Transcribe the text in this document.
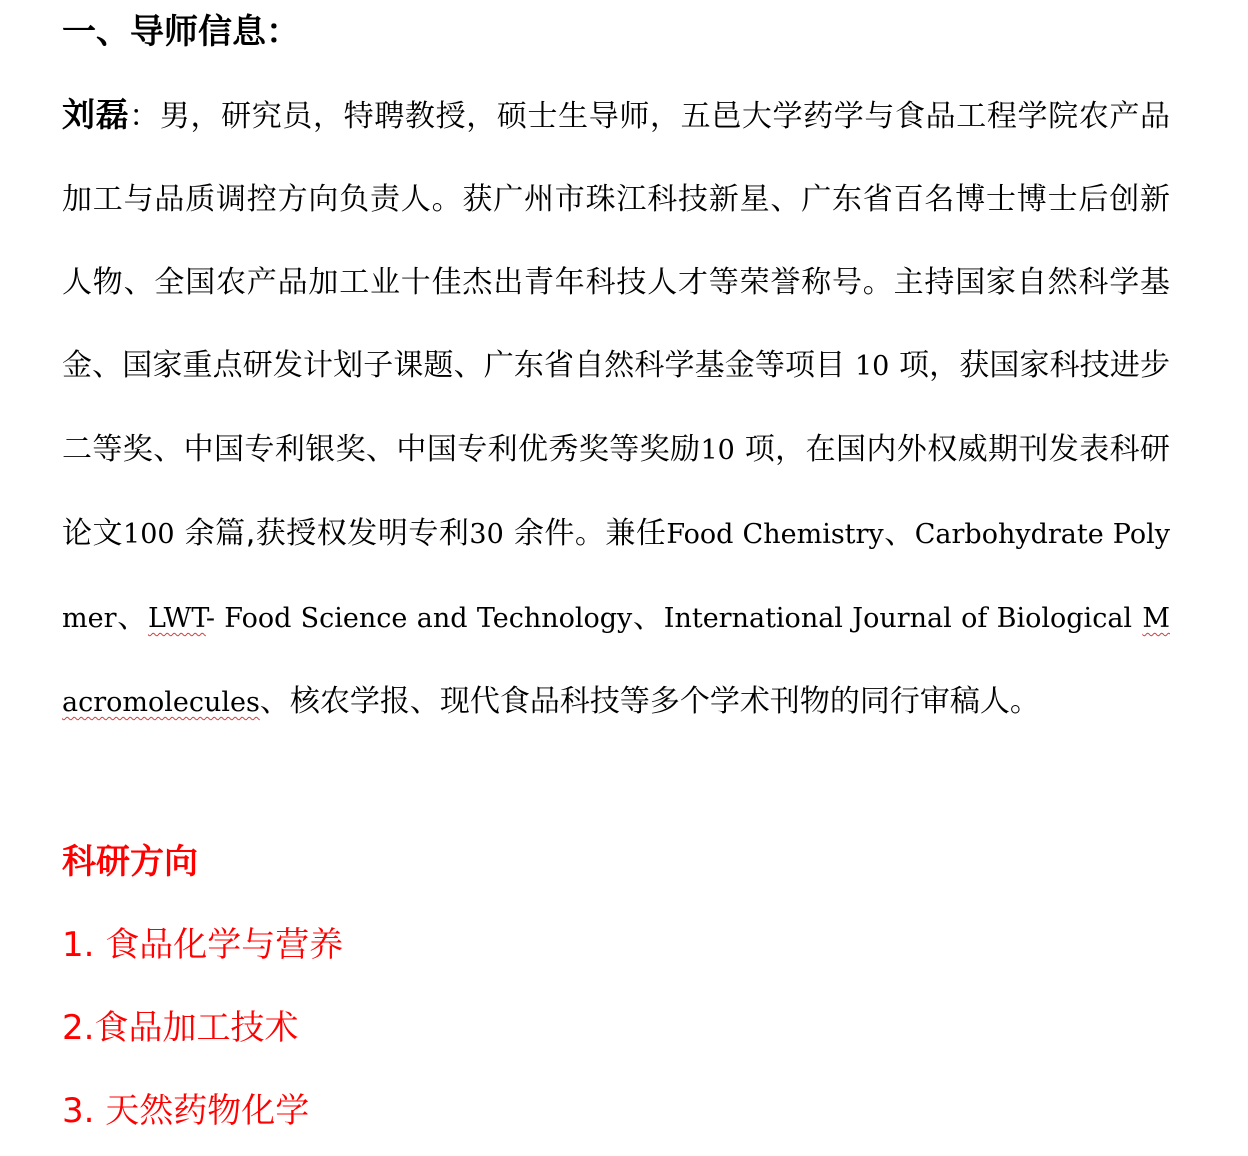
一、导师信息：

刘磊：男，研究员，特聘教授，硕士生导师，五邑大学药学与食品工程学院农产品加工与品质调控方向负责人。获广州市珠江科技新星、广东省百名博士博士后创新人物、全国农产品加工业十佳杰出青年科技人才等荣誉称号。主持国家自然科学基金、国家重点研发计划子课题、广东省自然科学基金等项目 10 项，获国家科技进步二等奖、中国专利银奖、中国专利优秀奖等奖励10 项，在国内外权威期刊发表科研论文100 余篇,获授权发明专利30 余件。兼任Food Chemistry、Carbohydrate Polymer、LWT- Food Science and Technology、International Journal of Biological Macromolecules、核农学报、现代食品科技等多个学术刊物的同行审稿人。

科研方向
1. 食品化学与营养
2.食品加工技术
3. 天然药物化学
